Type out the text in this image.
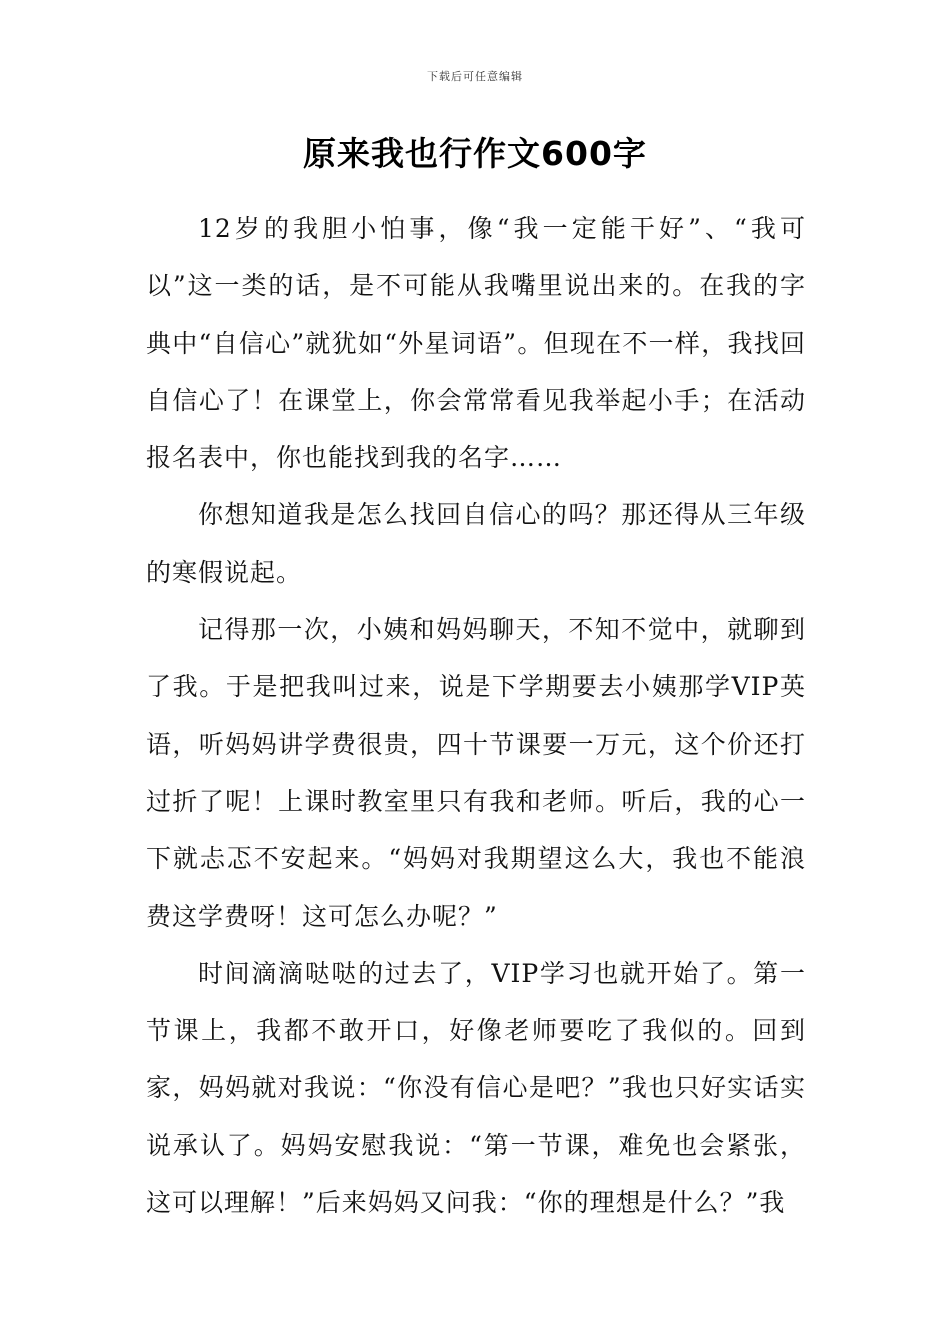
下载后可任意编辑
原来我也行作文600字

12岁的我胆小怕事，像“我一定能干好”、“我可以”这一类的话，是不可能从我嘴里说出来的。在我的字典中“自信心”就犹如“外星词语”。但现在不一样，我找回自信心了！在课堂上，你会常常看见我举起小手；在活动报名表中，你也能找到我的名字……

你想知道我是怎么找回自信心的吗？那还得从三年级的寒假说起。

记得那一次，小姨和妈妈聊天，不知不觉中，就聊到了我。于是把我叫过来，说是下学期要去小姨那学VIP英语，听妈妈讲学费很贵，四十节课要一万元，这个价还打过折了呢！上课时教室里只有我和老师。听后，我的心一下就忐忑不安起来。“妈妈对我期望这么大，我也不能浪费这学费呀！这可怎么办呢？”

时间滴滴哒哒的过去了，VIP学习也就开始了。第一节课上，我都不敢开口，好像老师要吃了我似的。回到家，妈妈就对我说：“你没有信心是吧？”我也只好实话实说承认了。妈妈安慰我说：“第一节课，难免也会紧张，这可以理解！”后来妈妈又问我：“你的理想是什么？”我
